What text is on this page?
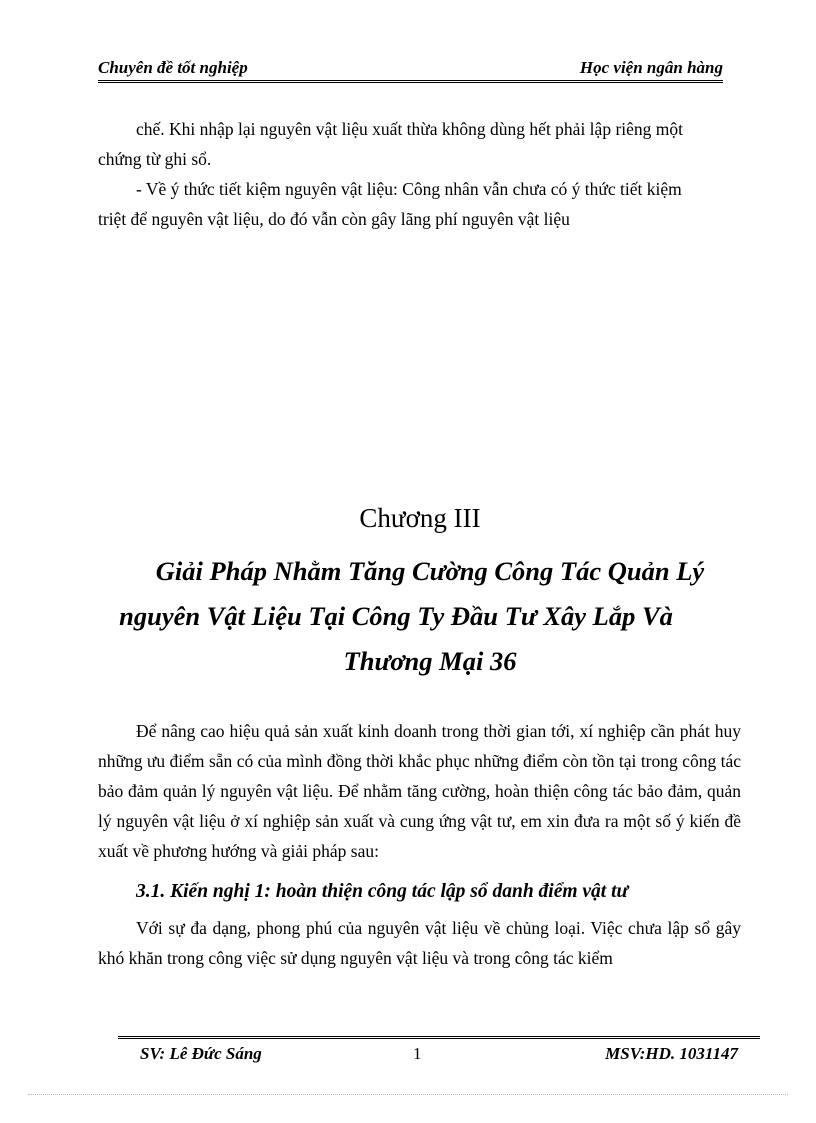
Chuyên đề tốt nghiệp	Học viện ngân hàng

chế. Khi nhập lại nguyên vật liệu xuất thừa không dùng hết phải lập riêng một
chứng từ ghi sổ.

- Về ý thức tiết kiệm nguyên vật liệu: Công nhân vẫn chưa có ý thức tiết kiệm
triệt để nguyên vật liệu, do đó vẫn còn gây lãng phí nguyên vật liệu

Chương III
Giải Pháp Nhằm Tăng Cường Công Tác Quản Lý
nguyên Vật Liệu Tại Công Ty Đầu Tư Xây Lắp Và
Thương Mại 36

Để nâng cao hiệu quả sản xuất kinh doanh trong thời gian tới, xí nghiệp cần phát huy những ưu điểm sẵn có của mình đồng thời khắc phục những điểm còn tồn tại trong công tác bảo đảm quản lý nguyên vật liệu. Để nhằm tăng cường, hoàn thiện công tác bảo đảm, quản lý nguyên vật liệu ở xí nghiệp sản xuất và cung ứng vật tư, em xin đưa ra một số ý kiến đề xuất về phương hướng và giải pháp sau:

3.1. Kiến nghị 1: hoàn thiện công tác lập sổ danh điểm vật tư

Với sự đa dạng, phong phú của nguyên vật liệu về chủng loại. Việc chưa lập sổ gây khó khăn trong công việc sử dụng nguyên vật liệu và trong công tác kiểm

SV: Lê Đức Sáng	1	MSV:HD. 1031147
